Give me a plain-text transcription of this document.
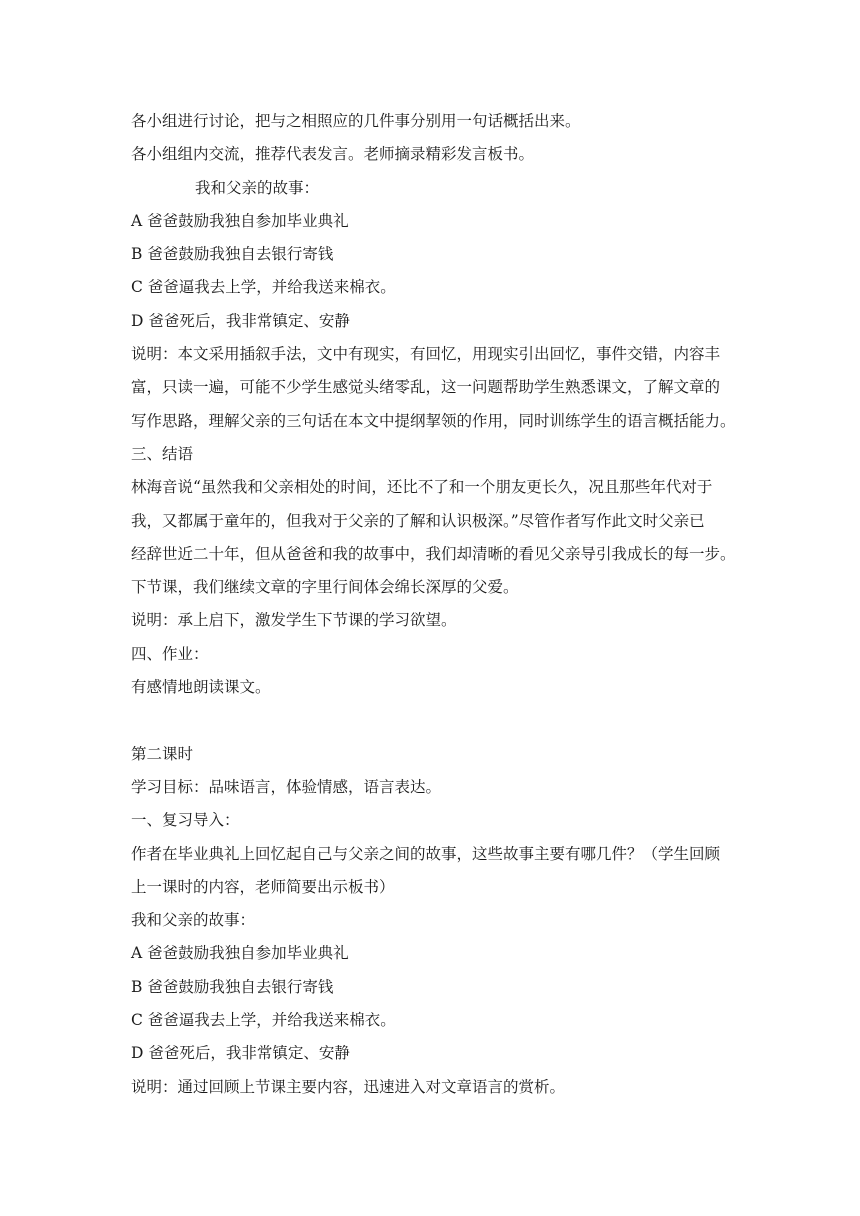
各小组进行讨论，把与之相照应的几件事分别用一句话概括出来。
各小组组内交流，推荐代表发言。老师摘录精彩发言板书。
我和父亲的故事：
A 爸爸鼓励我独自参加毕业典礼
B 爸爸鼓励我独自去银行寄钱
C 爸爸逼我去上学，并给我送来棉衣。
D 爸爸死后，我非常镇定、安静
说明：本文采用插叙手法，文中有现实，有回忆，用现实引出回忆，事件交错，内容丰
富，只读一遍，可能不少学生感觉头绪零乱，这一问题帮助学生熟悉课文，了解文章的
写作思路，理解父亲的三句话在本文中提纲挈领的作用，同时训练学生的语言概括能力。
三、结语
林海音说“虽然我和父亲相处的时间，还比不了和一个朋友更长久，况且那些年代对于
我，又都属于童年的，但我对于父亲的了解和认识极深。”尽管作者写作此文时父亲已
经辞世近二十年，但从爸爸和我的故事中，我们却清晰的看见父亲导引我成长的每一步。
下节课，我们继续文章的字里行间体会绵长深厚的父爱。
说明：承上启下，激发学生下节课的学习欲望。
四、作业：
有感情地朗读课文。
第二课时
学习目标：品味语言，体验情感，语言表达。
一、复习导入：
作者在毕业典礼上回忆起自己与父亲之间的故事，这些故事主要有哪几件？（学生回顾
上一课时的内容，老师简要出示板书）
我和父亲的故事：
A 爸爸鼓励我独自参加毕业典礼
B 爸爸鼓励我独自去银行寄钱
C 爸爸逼我去上学，并给我送来棉衣。
D 爸爸死后，我非常镇定、安静
说明：通过回顾上节课主要内容，迅速进入对文章语言的赏析。
